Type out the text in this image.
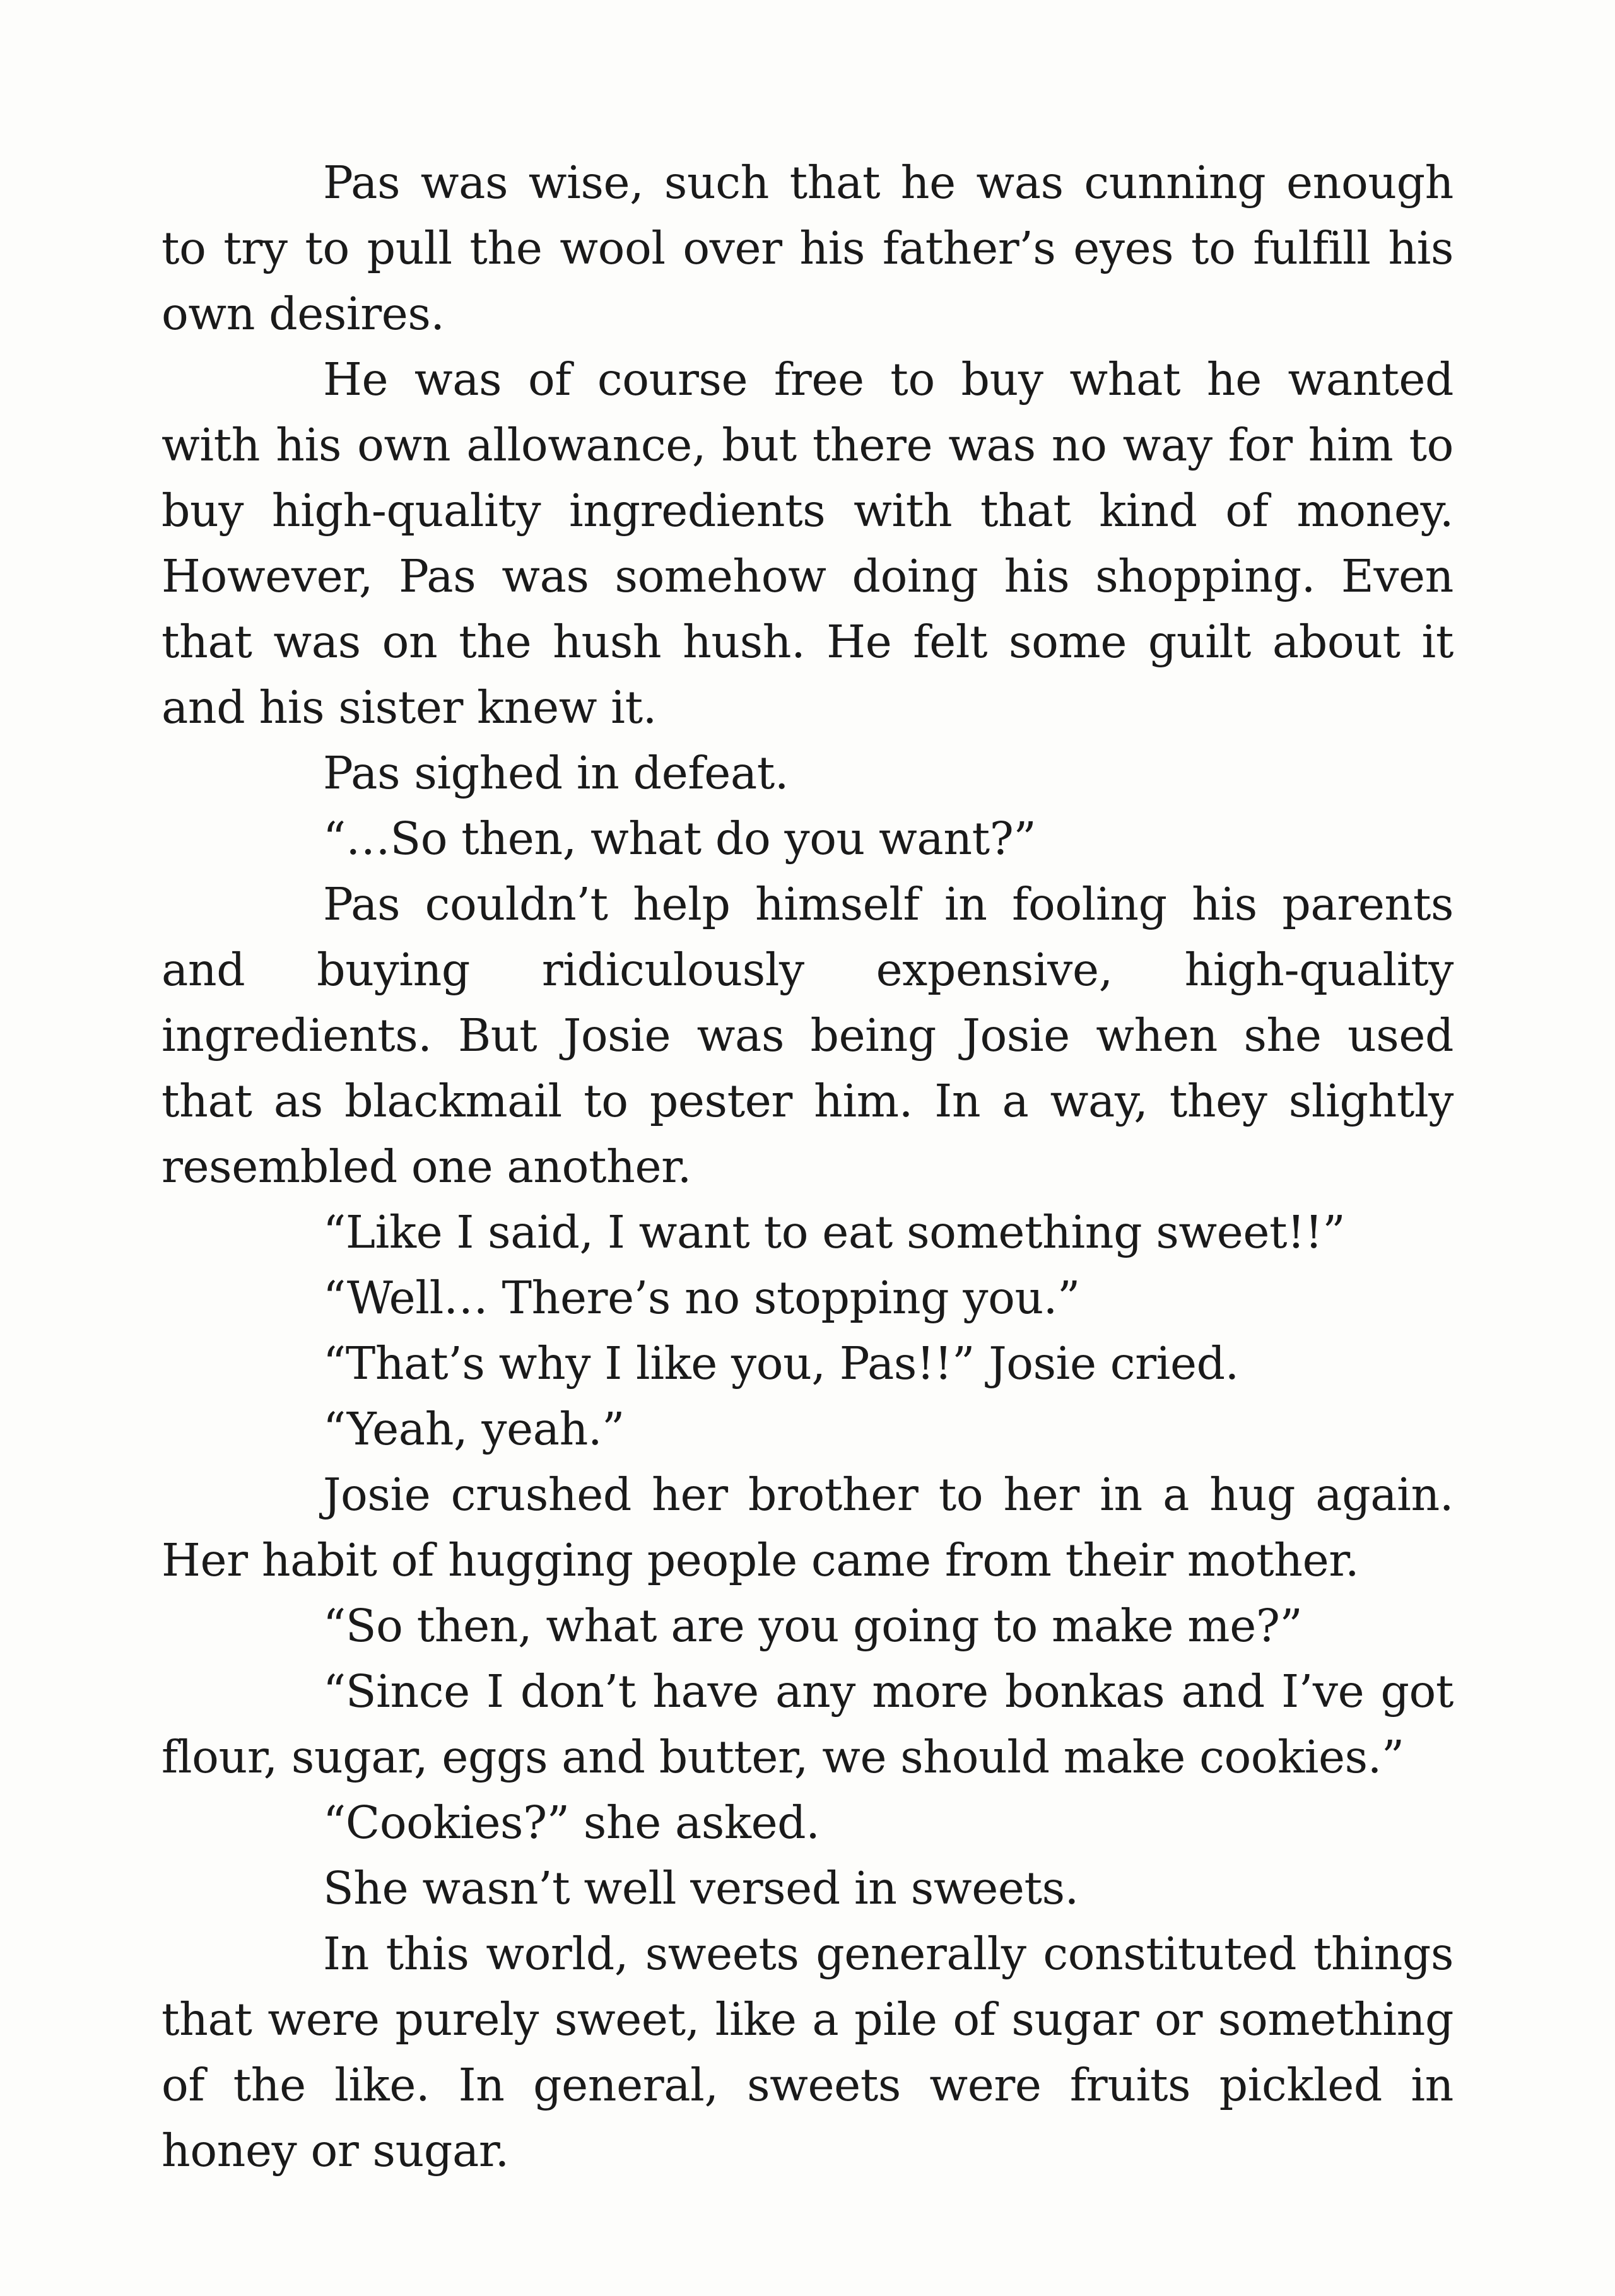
Pas was wise, such that he was cunning enough to try to pull the wool over his father’s eyes to fulfill his own desires.

He was of course free to buy what he wanted with his own allowance, but there was no way for him to buy high-quality ingredients with that kind of money. However, Pas was somehow doing his shopping. Even that was on the hush hush. He felt some guilt about it and his sister knew it.

Pas sighed in defeat.

“…So then, what do you want?”

Pas couldn’t help himself in fooling his parents and buying ridiculously expensive, high-quality ingredients. But Josie was being Josie when she used that as blackmail to pester him. In a way, they slightly resembled one another.

“Like I said, I want to eat something sweet!!”

“Well… There’s no stopping you.”

“That’s why I like you, Pas!!” Josie cried.

“Yeah, yeah.”

Josie crushed her brother to her in a hug again. Her habit of hugging people came from their mother.

“So then, what are you going to make me?”

“Since I don’t have any more bonkas and I’ve got flour, sugar, eggs and butter, we should make cookies.”

“Cookies?” she asked.

She wasn’t well versed in sweets.

In this world, sweets generally constituted things that were purely sweet, like a pile of sugar or something of the like. In general, sweets were fruits pickled in honey or sugar.
